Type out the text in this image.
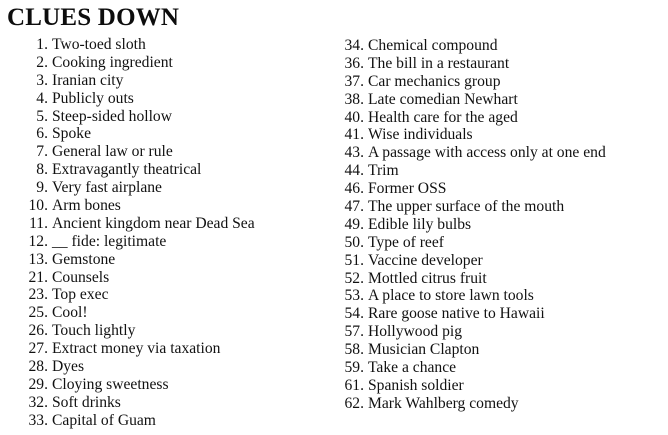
CLUES DOWN
1. Two-toed sloth
2. Cooking ingredient
3. Iranian city
4. Publicly outs
5. Steep-sided hollow
6. Spoke
7. General law or rule
8. Extravagantly theatrical
9. Very fast airplane
10. Arm bones
11. Ancient kingdom near Dead Sea
12. __ fide: legitimate
13. Gemstone
21. Counsels
23. Top exec
25. Cool!
26. Touch lightly
27. Extract money via taxation
28. Dyes
29. Cloying sweetness
32. Soft drinks
33. Capital of Guam
34. Chemical compound
36. The bill in a restaurant
37. Car mechanics group
38. Late comedian Newhart
40. Health care for the aged
41. Wise individuals
43. A passage with access only at one end
44. Trim
46. Former OSS
47. The upper surface of the mouth
49. Edible lily bulbs
50. Type of reef
51. Vaccine developer
52. Mottled citrus fruit
53. A place to store lawn tools
54. Rare goose native to Hawaii
57. Hollywood pig
58. Musician Clapton
59. Take a chance
61. Spanish soldier
62. Mark Wahlberg comedy
